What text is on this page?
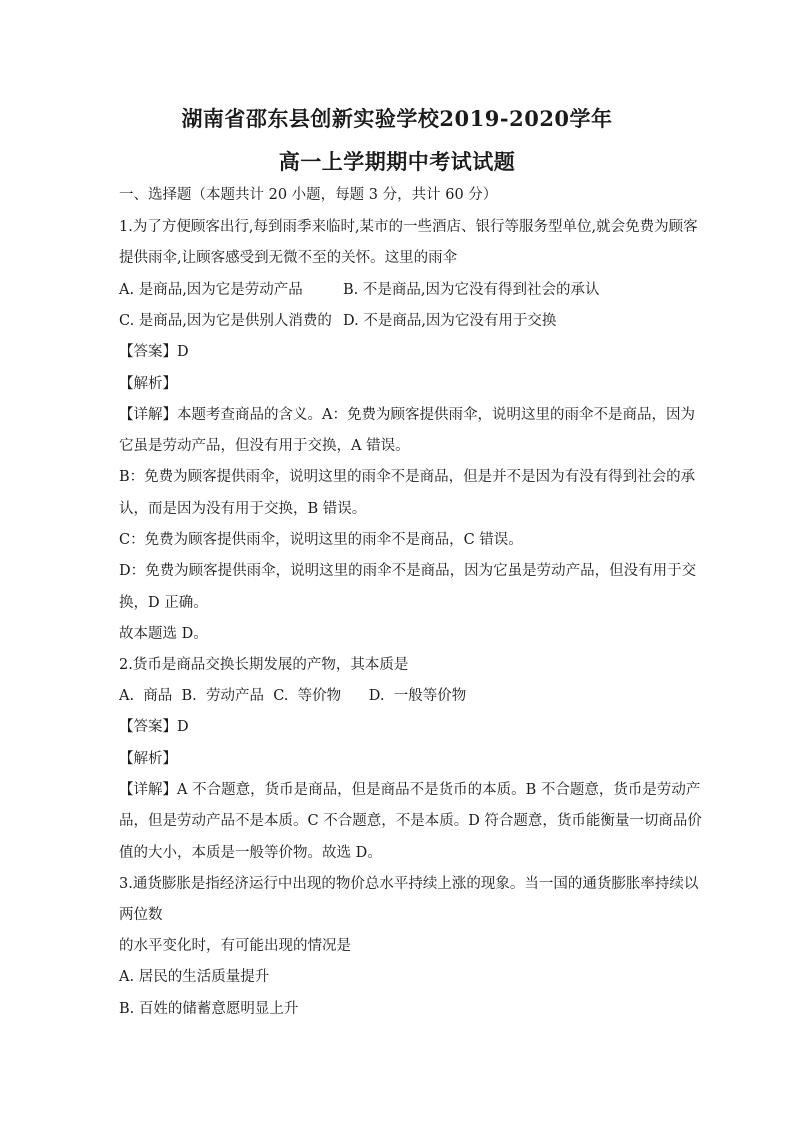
湖南省邵东县创新实验学校2019-2020学年
高一上学期期中考试试题
一、选择题（本题共计 20 小题，每题 3 分，共计 60 分）
1.为了方便顾客出行,每到雨季来临时,某市的一些酒店、银行等服务型单位,就会免费为顾客
提供雨伞,让顾客感受到无微不至的关怀。这里的雨伞
A. 是商品,因为它是劳动产品	B. 不是商品,因为它没有得到社会的承认
C. 是商品,因为它是供别人消费的 D. 不是商品,因为它没有用于交换
【答案】D
【解析】
【详解】本题考查商品的含义。A：免费为顾客提供雨伞，说明这里的雨伞不是商品，因为
它虽是劳动产品，但没有用于交换，A 错误。
B：免费为顾客提供雨伞，说明这里的雨伞不是商品，但是并不是因为有没有得到社会的承
认，而是因为没有用于交换，B 错误。
C：免费为顾客提供雨伞，说明这里的雨伞不是商品，C 错误。
D：免费为顾客提供雨伞，说明这里的雨伞不是商品，因为它虽是劳动产品，但没有用于交
换，D 正确。
故本题选 D。
2.货币是商品交换长期发展的产物，其本质是
A.  商品  B.  劳动产品  C.  等价物      D.  一般等价物
【答案】D
【解析】
【详解】A 不合题意，货币是商品，但是商品不是货币的本质。B 不合题意，货币是劳动产
品，但是劳动产品不是本质。C 不合题意，不是本质。D 符合题意，货币能衡量一切商品价
值的大小，本质是一般等价物。故选 D。
3.通货膨胀是指经济运行中出现的物价总水平持续上涨的现象。当一国的通货膨胀率持续以
两位数
的水平变化时，有可能出现的情况是
A. 居民的生活质量提升
B. 百姓的储蓄意愿明显上升
